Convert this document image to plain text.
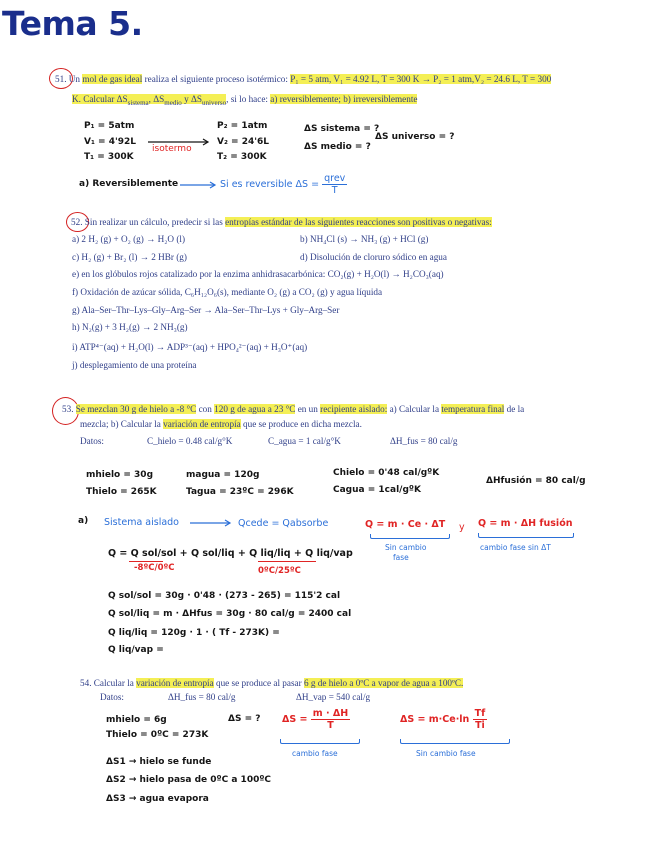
Tema 5.
51. Un mol de gas ideal realiza el siguiente proceso isotérmico: P₁ = 5 atm, V₁ = 4.92 L, T = 300 K → P₂ = 1 atm,V₂ = 24.6 L, T = 300
K. Calcular $\Delta S_{sistema}$, $\Delta S_{medio}$ y $\Delta S_{universo}$, si lo hace: a) reversiblemente; b) irreversiblemente
P₁ = 5atm
V₁ = 4'92L
T₁ = 300K
isotermo
P₂ = 1atm
V₂ = 24'6L
T₂ = 300K
ΔS sistema = ?
ΔS medio = ?
ΔS universo = ?
a) Reversiblemente	Si es reversible $\Delta S = \frac{\text{qrev}}{T}$
52. Sin realizar un cálculo, predecir si las entropías estándar de las siguientes reacciones son positivas o negativas:
a) 2 H₂ (g) + O₂ (g) → H₂O (l)	b) NH₄Cl (s) → NH₃ (g) + HCl (g)
c) H₂ (g) + Br₂ (l) → 2 HBr (g)	d) Disolución de cloruro sódico en agua
e) en los glóbulos rojos catalizado por la enzima anhidrasacarbónica: CO₂(g) + H₂O(l) → H₂CO₃(aq)
f) Oxidación de azúcar sólida, C₆H₁₂O₆(s), mediante O₂ (g) a CO₂ (g) y agua líquida
g) Ala–Ser–Thr–Lys–Gly–Arg–Ser → Ala–Ser–Thr–Lys + Gly–Arg–Ser
h) N₂(g) + 3 H₂(g) → 2 NH₃(g)
i) ATP⁴⁻(aq) + H₂O(l) → ADP³⁻(aq) + HPO₄²⁻(aq) + H₃O⁺(aq)
j) desplegamiento de una proteína
53. Se mezclan 30 g de hielo a -8 °C con 120 g de agua a 23 °C en un recipiente aislado: a) Calcular la temperatura final de la
mezcla; b) Calcular la variación de entropía que se produce en dicha mezcla.
Datos:	C_hielo = 0.48 cal/g°K	C_agua = 1 cal/g°K	ΔH_fus = 80 cal/g
mhielo = 30g
Thielo = 265K
magua = 120g
Tagua = 23ºC = 296K
Chielo = 0'48 cal/gºK
Cagua = 1cal/gºK
ΔHfusión = 80 cal/g
a) Sistema aislado	Qcede = Qabsorbe	Q = m · Ce · ΔT y Q = m · ΔH fusión
Sin cambio
fase
cambio fase sin ΔT
Q = Q sol/sol + Q sol/liq + Q liq/liq + Q liq/vap
-8ºC/0ºC	0ºC/25ºC
Q sol/sol = 30g · 0'48 · (273 - 265) = 115'2 cal
Q sol/liq = m · ΔHfus = 30g · 80 cal/g = 2400 cal
Q liq/liq = 120g · 1 · ( Tf - 273K) =
Q liq/vap =
54. Calcular la variación de entropía que se produce al pasar 6 g de hielo a 0ºC a vapor de agua a 100ºC.
Datos:	ΔH_fus = 80 cal/g	ΔH_vap = 540 cal/g
mhielo = 6g
Thielo = 0ºC = 273K
ΔS = ? $\Delta S = \frac{m \cdot \Delta H}{T}$	$\Delta S = m\cdot Ce\cdot\ln \frac{Tf}{Ti}$
cambio fase	Sin cambio fase
ΔS1 → hielo se funde
ΔS2 → hielo pasa de 0ºC a 100ºC
ΔS3 → agua evapora
